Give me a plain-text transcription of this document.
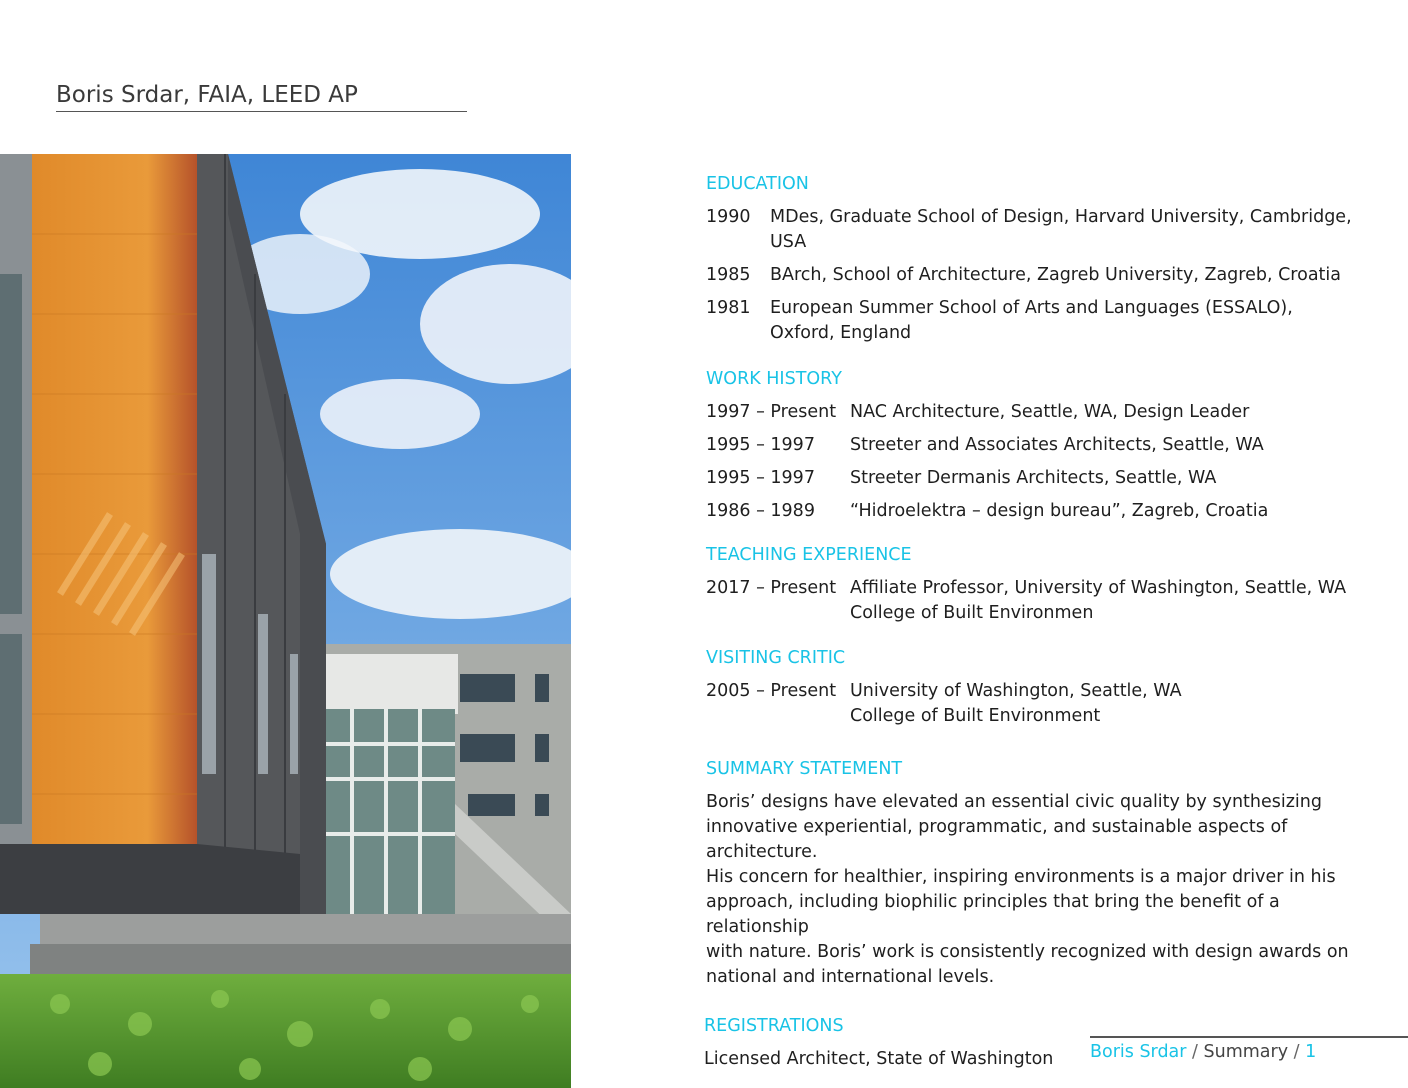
Boris Srdar, FAIA, LEED AP
EDUCATION
1990	MDes, Graduate School of Design, Harvard University, Cambridge, USA
1985	BArch, School of Architecture, Zagreb University, Zagreb, Croatia
1981	European Summer School of Arts and Languages (ESSALO),
Oxford, England
WORK HISTORY
1997 – Present NAC Architecture, Seattle, WA, Design Leader
1995 – 1997	Streeter and Associates Architects, Seattle, WA
1995 – 1997	Streeter Dermanis Architects, Seattle, WA
1986 – 1989	“Hidroelektra – design bureau”, Zagreb, Croatia
TEACHING EXPERIENCE
2017 – Present Affiliate Professor, University of Washington, Seattle, WA
College of Built Environmen
VISITING CRITIC
2005 – Present University of Washington, Seattle, WA
College of Built Environment
SUMMARY STATEMENT
Boris’ designs have elevated an essential civic quality by synthesizing
innovative experiential, programmatic, and sustainable aspects of architecture.
His concern for healthier, inspiring environments is a major driver in his
approach, including biophilic principles that bring the benefit of a relationship
with nature. Boris’ work is consistently recognized with design awards on
national and international levels.
REGISTRATIONS
Licensed Architect, State of Washington	Boris Srdar / Summary / 1
